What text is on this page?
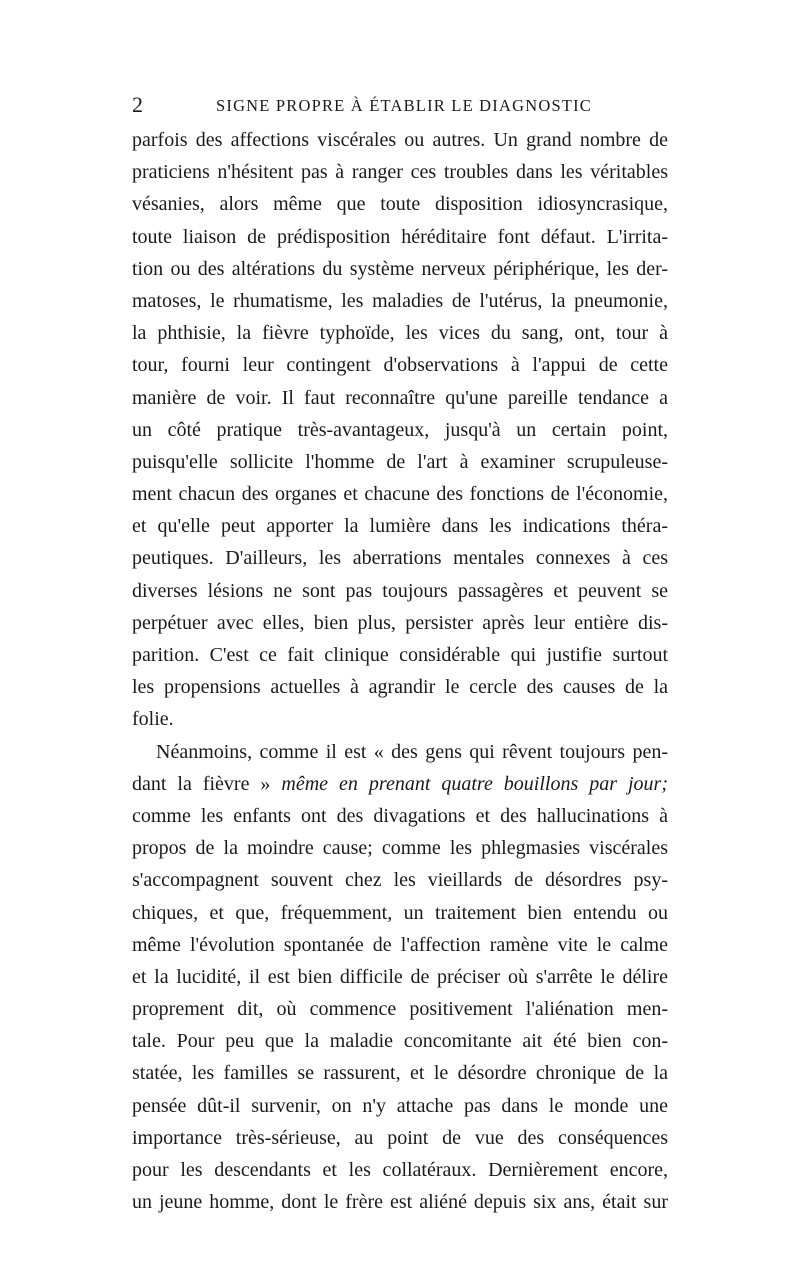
2	SIGNE PROPRE À ÉTABLIR LE DIAGNOSTIC
parfois des affections viscérales ou autres. Un grand nombre de
praticiens n'hésitent pas à ranger ces troubles dans les véritables
vésanies, alors même que toute disposition idiosyncrasique,
toute liaison de prédisposition héréditaire font défaut. L'irrita-
tion ou des altérations du système nerveux périphérique, les der-
matoses, le rhumatisme, les maladies de l'utérus, la pneumonie,
la phthisie, la fièvre typhoïde, les vices du sang, ont, tour à
tour, fourni leur contingent d'observations à l'appui de cette
manière de voir. Il faut reconnaître qu'une pareille tendance a
un côté pratique très-avantageux, jusqu'à un certain point,
puisqu'elle sollicite l'homme de l'art à examiner scrupuleuse-
ment chacun des organes et chacune des fonctions de l'économie,
et qu'elle peut apporter la lumière dans les indications théra-
peutiques. D'ailleurs, les aberrations mentales connexes à ces
diverses lésions ne sont pas toujours passagères et peuvent se
perpétuer avec elles, bien plus, persister après leur entière dis-
parition. C'est ce fait clinique considérable qui justifie surtout
les propensions actuelles à agrandir le cercle des causes de la
folie.
Néanmoins, comme il est « des gens qui rêvent toujours pen-
dant la fièvre » même en prenant quatre bouillons par jour;
comme les enfants ont des divagations et des hallucinations à
propos de la moindre cause; comme les phlegmasies viscérales
s'accompagnent souvent chez les vieillards de désordres psy-
chiques, et que, fréquemment, un traitement bien entendu ou
même l'évolution spontanée de l'affection ramène vite le calme
et la lucidité, il est bien difficile de préciser où s'arrête le délire
proprement dit, où commence positivement l'aliénation men-
tale. Pour peu que la maladie concomitante ait été bien con-
statée, les familles se rassurent, et le désordre chronique de la
pensée dût-il survenir, on n'y attache pas dans le monde une
importance très-sérieuse, au point de vue des conséquences
pour les descendants et les collatéraux. Dernièrement encore,
un jeune homme, dont le frère est aliéné depuis six ans, était sur
